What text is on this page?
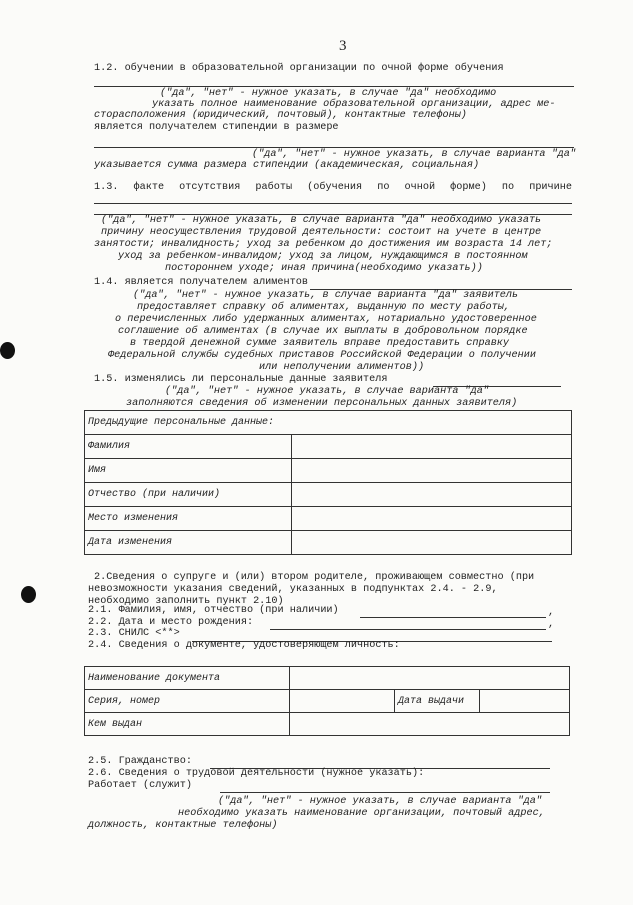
3
1.2. обучении в образовательной организации по очной форме обучения
("да", "нет" - нужное указать, в случае "да" необходимо
указать полное наименование образовательной организации, адрес ме-
сторасположения (юридический, почтовый), контактные телефоны)
является получателем стипендии в размере
("да", "нет" - нужное указать, в случае варианта "да"
указывается сумма размера стипендии (академическая, социальная)
1.3. факте отсутствия работы (обучения по очной форме) по причине
("да", "нет" - нужное указать, в случае варианта "да" необходимо указать
причину неосуществления трудовой деятельности: состоит на учете в центре
занятости; инвалидность; уход за ребенком до достижения им возраста 14 лет;
уход за ребенком-инвалидом; уход за лицом, нуждающимся в постоянном
постороннем уходе; иная причина(необходимо указать))
1.4. является получателем алиментов
("да", "нет" - нужное указать, в случае варианта "да" заявитель
предоставляет справку об алиментах, выданную по месту работы,
о перечисленных либо удержанных алиментах, нотариально удостоверенное
соглашение об алиментах (в случае их выплаты в добровольном порядке
в твердой денежной сумме заявитель вправе предоставить справку
Федеральной службы судебных приставов Российской Федерации о получении
или неполучении алиментов))
1.5. изменялись ли персональные данные заявителя
("да", "нет" - нужное указать, в случае варианта "да"
заполняются сведения об изменении персональных данных заявителя)
Предыдущие персональные данные:	
Фамилия	
Имя	
Отчество (при наличии)	
Место изменения	
Дата изменения	
2.Сведения о супруге и (или) втором родителе, проживающем совместно (при
невозможности указания сведений, указанных в подпунктах 2.4. - 2.9,
необходимо заполнить пункт 2.10)
2.1. Фамилия, имя, отчество (при наличии)	,
2.2. Дата и место рождения:	,
2.3. СНИЛС <**>
2.4. Сведения о документе, удостоверяющем личность:
Наименование документа			
Серия, номер		Дата выдачи	
Кем выдан			
2.5. Гражданство:
2.6. Сведения о трудовой деятельности (нужное указать):
Работает (служит)
("да", "нет" - нужное указать, в случае варианта "да"
необходимо указать наименование организации, почтовый адрес,
должность, контактные телефоны)
